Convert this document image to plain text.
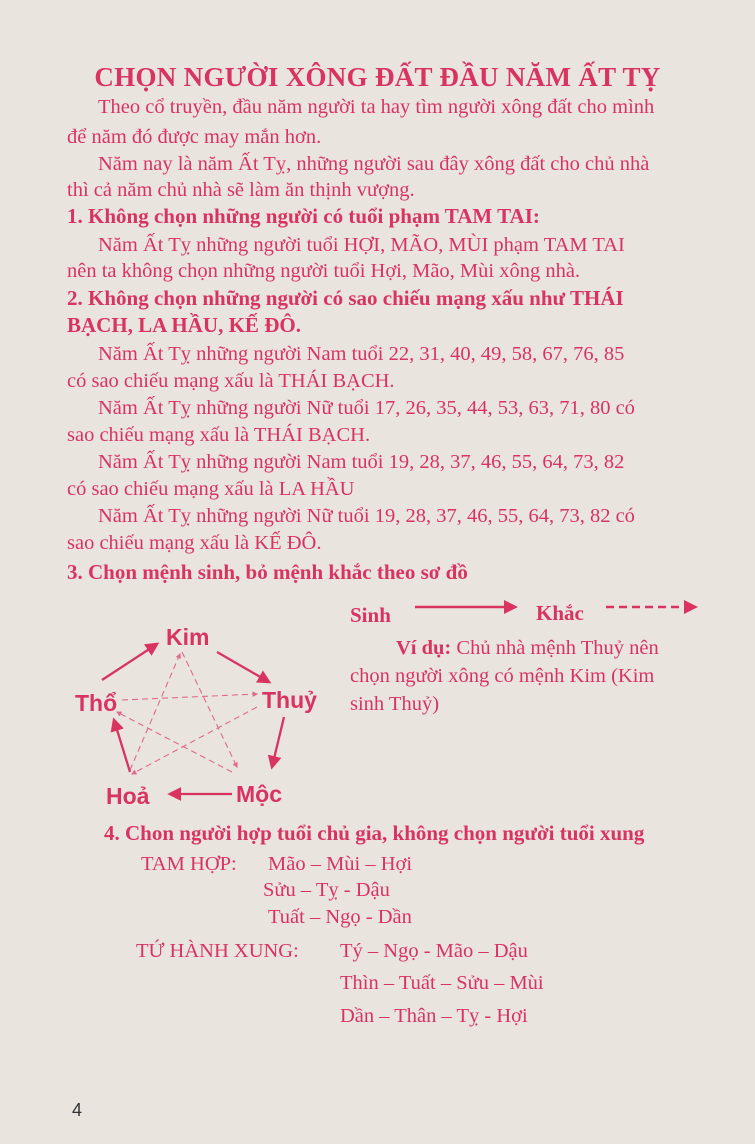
CHỌN NGƯỜI XÔNG ĐẤT ĐẦU NĂM ẤT TỴ
Theo cổ truyền, đầu năm người ta hay tìm người xông đất cho mình
để năm đó được may mắn hơn.
Năm nay là năm Ất Tỵ, những người sau đây xông đất cho chủ nhà
thì cả năm chủ nhà sẽ làm ăn thịnh vượng.
1. Không chọn những người có tuổi phạm TAM TAI:
Năm Ất Tỵ những người tuổi HỢI, MÃO, MÙI phạm TAM TAI
nên ta không chọn những người tuổi Hợi, Mão, Mùi xông nhà.
2. Không chọn những người có sao chiếu mạng xấu như THÁI
BẠCH, LA HẦU, KẾ ĐÔ.
Năm Ất Tỵ những người Nam tuổi 22, 31, 40, 49, 58, 67, 76, 85
có sao chiếu mạng xấu là THÁI BẠCH.
Năm Ất Tỵ những người Nữ tuổi 17, 26, 35, 44, 53, 63, 71, 80 có
sao chiếu mạng xấu là THÁI BẠCH.
Năm Ất Tỵ những người Nam tuổi 19, 28, 37, 46, 55, 64, 73, 82
có sao chiếu mạng xấu là LA HẦU
Năm Ất Tỵ những người Nữ tuổi 19, 28, 37, 46, 55, 64, 73, 82 có
sao chiếu mạng xấu là KẾ ĐÔ.
3. Chọn mệnh sinh, bỏ mệnh khắc theo sơ đồ
Sinh	Khắc
Ví dụ: Chủ nhà mệnh Thuỷ nên
chọn người xông có mệnh Kim (Kim
sinh Thuỷ)
Kim
Thuỷ
Mộc
Hoả
Thổ
4. Chon người hợp tuổi chủ gia, không chọn người tuổi xung
TAM HỢP: Mão – Mùi – Hợi
Sửu – Tỵ - Dậu
Tuất – Ngọ - Dần
TỨ HÀNH XUNG: Tý – Ngọ - Mão – Dậu
Thìn – Tuất – Sửu – Mùi
Dần – Thân – Tỵ - Hợi
4
